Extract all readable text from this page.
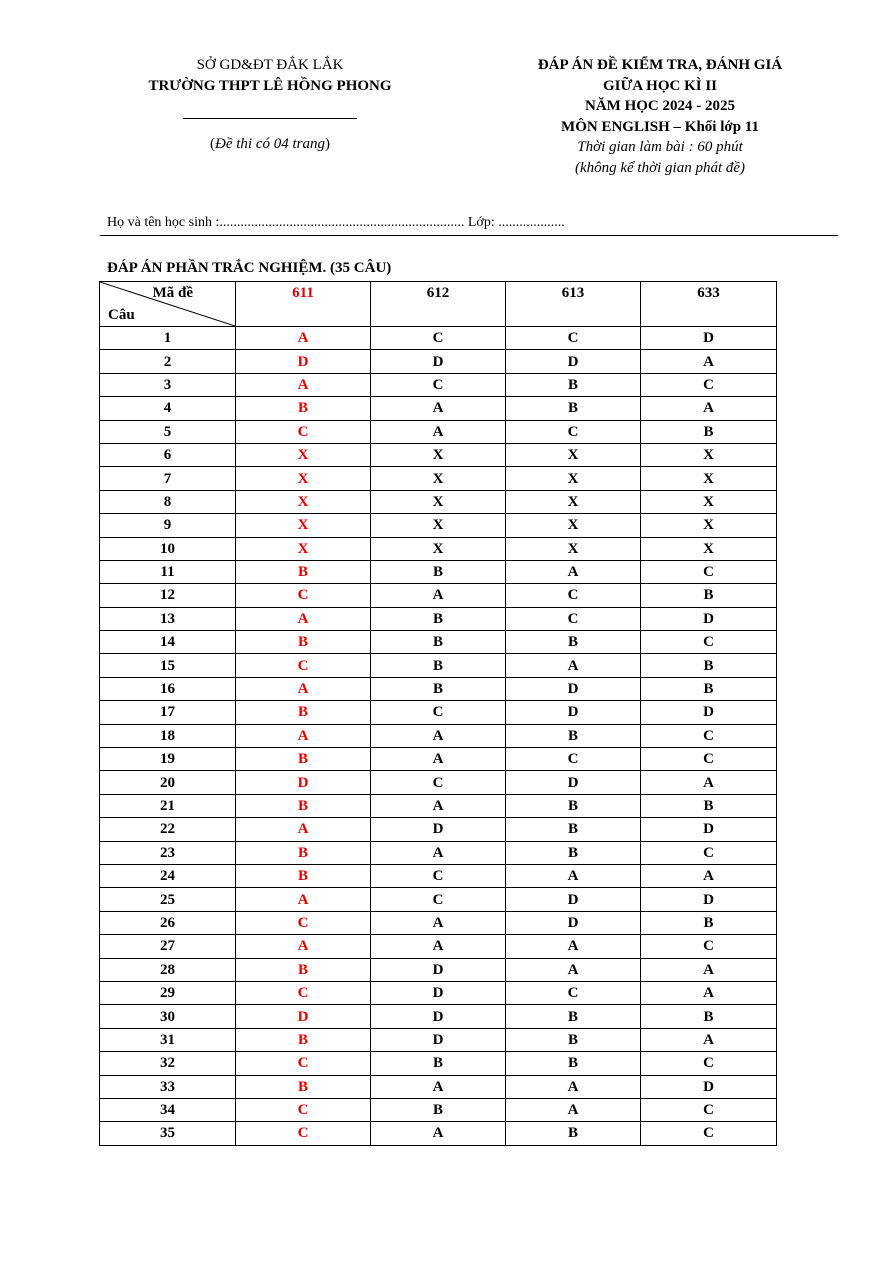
SỞ GD&ĐT ĐẮK LẮK
TRƯỜNG THPT LÊ HỒNG PHONG
(Đề thi có 04 trang)
ĐÁP ÁN ĐỀ KIỂM TRA, ĐÁNH GIÁ
GIỮA HỌC KÌ II
NĂM HỌC 2024 - 2025
MÔN ENGLISH – Khối lớp 11
Thời gian làm bài : 60 phút
(không kể thời gian phát đề)
Họ và tên học sinh :...................................................................... Lớp: ...................
ĐÁP ÁN PHẦN TRẮC NGHIỆM. (35 CÂU)
Mã đề
Câu	611	612	613	633
1	A	C	C	D
2	D	D	D	A
3	A	C	B	C
4	B	A	B	A
5	C	A	C	B
6	X	X	X	X
7	X	X	X	X
8	X	X	X	X
9	X	X	X	X
10	X	X	X	X
11	B	B	A	C
12	C	A	C	B
13	A	B	C	D
14	B	B	B	C
15	C	B	A	B
16	A	B	D	B
17	B	C	D	D
18	A	A	B	C
19	B	A	C	C
20	D	C	D	A
21	B	A	B	B
22	A	D	B	D
23	B	A	B	C
24	B	C	A	A
25	A	C	D	D
26	C	A	D	B
27	A	A	A	C
28	B	D	A	A
29	C	D	C	A
30	D	D	B	B
31	B	D	B	A
32	C	B	B	C
33	B	A	A	D
34	C	B	A	C
35	C	A	B	C
